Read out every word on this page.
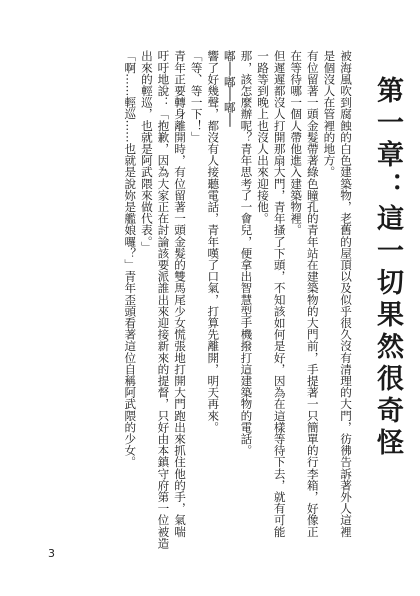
第一章：這一切果然很奇怪
被海風吹到腐蝕的白色建築物，老舊的屋頂以及似乎很久沒有清理的大門，彷彿告訴著外人這裡
是個沒人在管裡的地方。
有位留著一頭金髮帶著綠色瞳孔的青年站在建築物的大門前，手提著一只簡單的行李箱，好像正
在等待哪一個人帶他進入建築物裡。
但遲遲都沒人打開那扇大門，青年搔了下頭，不知該如何是好，因為在這樣等待下去，就有可能
一路等到晚上也沒人出來迎接他。
那，該怎麼辦呢？青年思考了一會兒，便拿出智慧型手機撥打這建築物的電話。
嘟──嘟──嘟──
響了好幾聲，都沒有人接聽電話，青年嘆了口氣，打算先離開，明天再來。
「等、等一下！」
青年正要轉身離開時，有位留著一頭金髮的雙馬尾少女慌張地打開大門跑出來抓住他的手，氣喘
吁吁地說：「抱歉，因為大家正在討論該要派誰出來迎接新來的提督，只好由本鎮守府第一位被造
出來的輕巡，也就是阿武隈來做代表。」
「啊……輕巡……也就是說妳是艦娘囉？」青年歪頭看著這位自稱阿武隈的少女。
3
